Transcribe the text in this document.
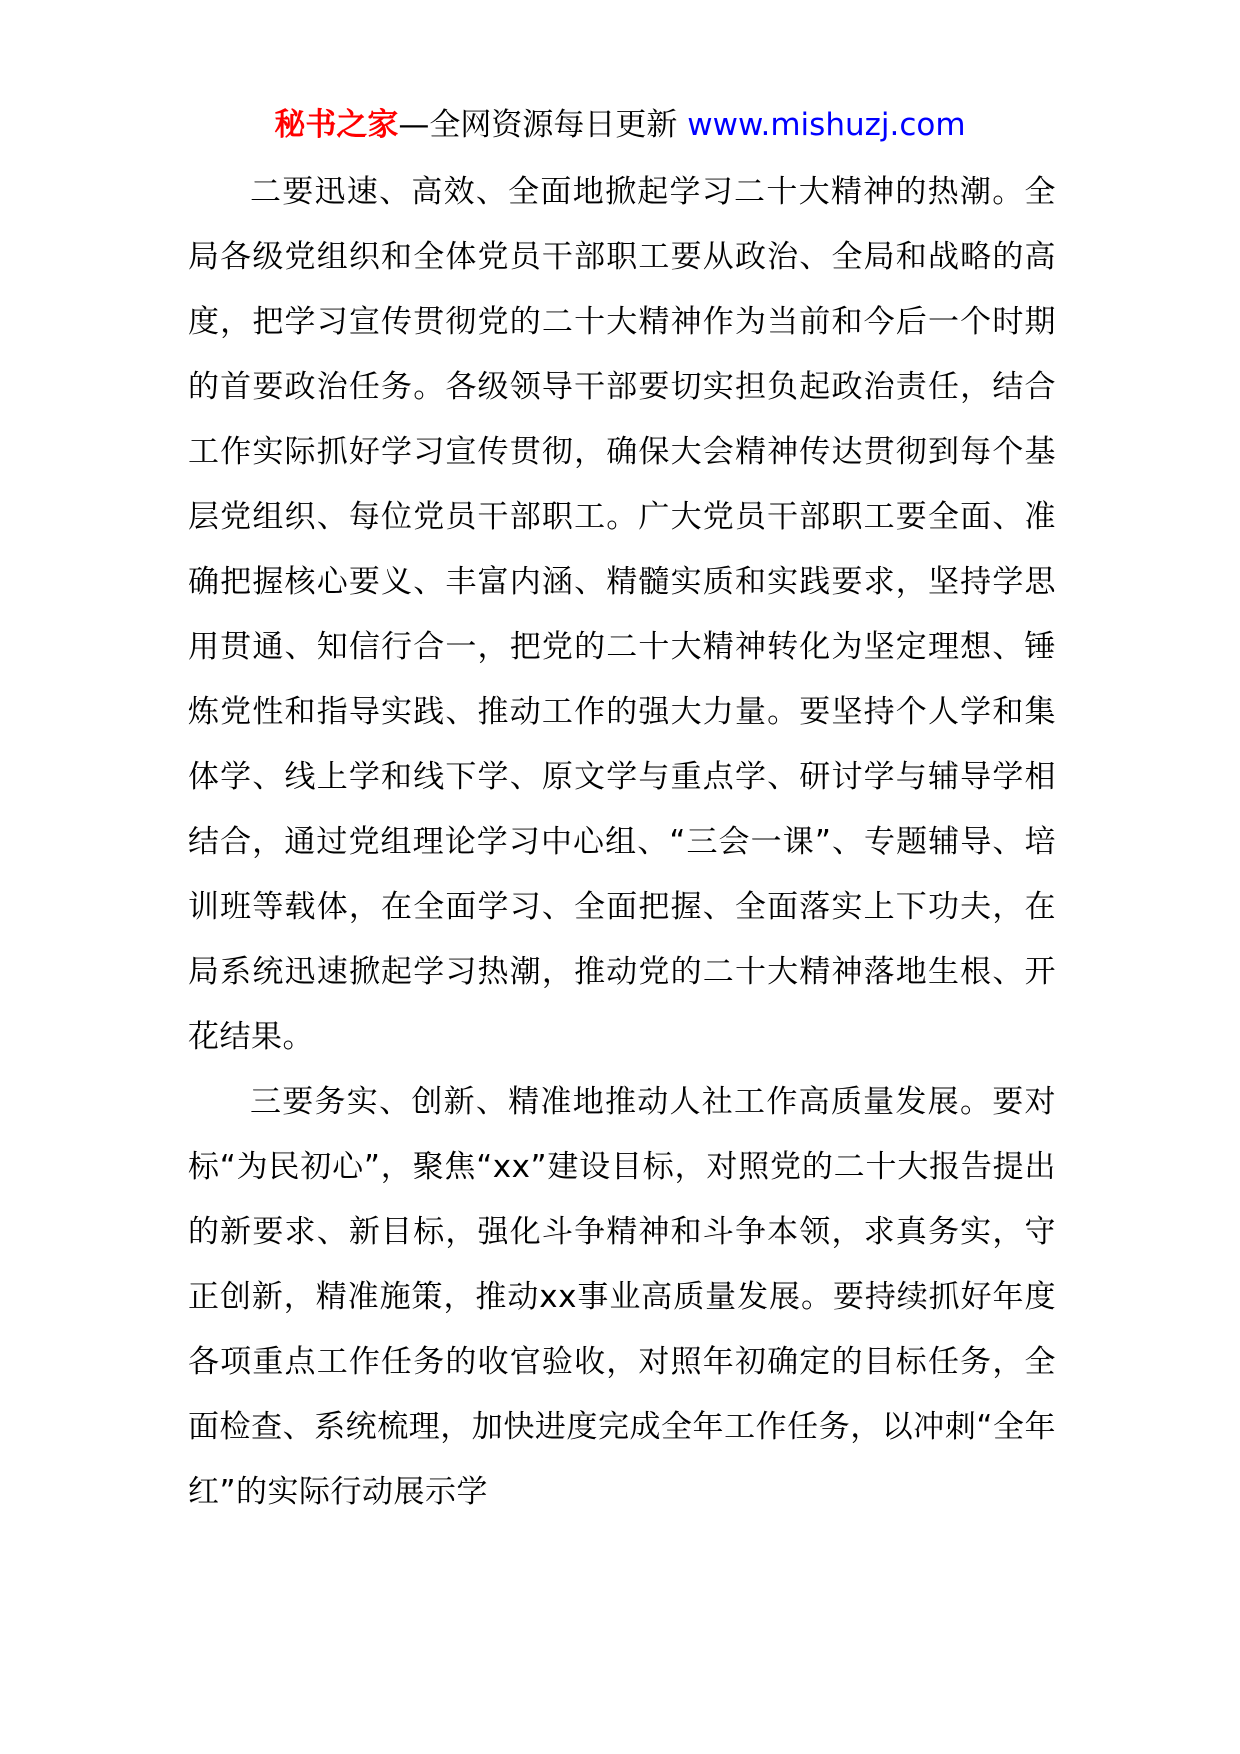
秘书之家—全网资源每日更新 www.mishuzj.com

二要迅速、高效、全面地掀起学习二十大精神的热潮。全局各级党组织和全体党员干部职工要从政治、全局和战略的高度，把学习宣传贯彻党的二十大精神作为当前和今后一个时期的首要政治任务。各级领导干部要切实担负起政治责任，结合工作实际抓好学习宣传贯彻，确保大会精神传达贯彻到每个基层党组织、每位党员干部职工。广大党员干部职工要全面、准确把握核心要义、丰富内涵、精髓实质和实践要求，坚持学思用贯通、知信行合一，把党的二十大精神转化为坚定理想、锤炼党性和指导实践、推动工作的强大力量。要坚持个人学和集体学、线上学和线下学、原文学与重点学、研讨学与辅导学相结合，通过党组理论学习中心组、“三会一课”、专题辅导、培训班等载体，在全面学习、全面把握、全面落实上下功夫，在局系统迅速掀起学习热潮，推动党的二十大精神落地生根、开花结果。

三要务实、创新、精准地推动人社工作高质量发展。要对标“为民初心”，聚焦“xx”建设目标，对照党的二十大报告提出的新要求、新目标，强化斗争精神和斗争本领，求真务实，守正创新，精准施策，推动xx事业高质量发展。要持续抓好年度各项重点工作任务的收官验收，对照年初确定的目标任务，全面检查、系统梳理，加快进度完成全年工作任务，以冲刺“全年红”的实际行动展示学
